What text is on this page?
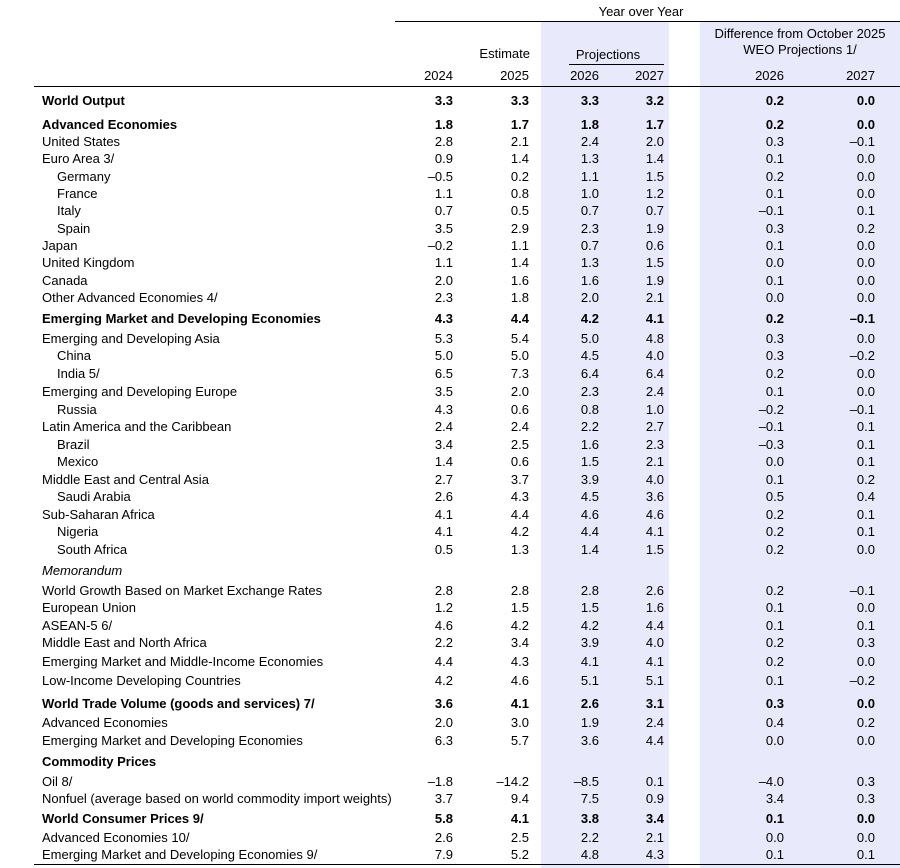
Year over Year
Difference from October 2025
WEO Projections 1/
Estimate	Projections
2024	2025	2026	2027	2026	2027
World Output	3.3	3.3	3.3	3.2	0.2	0.0
Advanced Economies	1.8	1.7	1.8	1.7	0.2	0.0
United States	2.8	2.1	2.4	2.0	0.3	–0.1
Euro Area 3/	0.9	1.4	1.3	1.4	0.1	0.0
Germany	–0.5	0.2	1.1	1.5	0.2	0.0
France	1.1	0.8	1.0	1.2	0.1	0.0
Italy	0.7	0.5	0.7	0.7	–0.1	0.1
Spain	3.5	2.9	2.3	1.9	0.3	0.2
Japan	–0.2	1.1	0.7	0.6	0.1	0.0
United Kingdom	1.1	1.4	1.3	1.5	0.0	0.0
Canada	2.0	1.6	1.6	1.9	0.1	0.0
Other Advanced Economies 4/	2.3	1.8	2.0	2.1	0.0	0.0
Emerging Market and Developing Economies	4.3	4.4	4.2	4.1	0.2	–0.1
Emerging and Developing Asia	5.3	5.4	5.0	4.8	0.3	0.0
China	5.0	5.0	4.5	4.0	0.3	–0.2
India 5/	6.5	7.3	6.4	6.4	0.2	0.0
Emerging and Developing Europe	3.5	2.0	2.3	2.4	0.1	0.0
Russia	4.3	0.6	0.8	1.0	–0.2	–0.1
Latin America and the Caribbean	2.4	2.4	2.2	2.7	–0.1	0.1
Brazil	3.4	2.5	1.6	2.3	–0.3	0.1
Mexico	1.4	0.6	1.5	2.1	0.0	0.1
Middle East and Central Asia	2.7	3.7	3.9	4.0	0.1	0.2
Saudi Arabia	2.6	4.3	4.5	3.6	0.5	0.4
Sub-Saharan Africa	4.1	4.4	4.6	4.6	0.2	0.1
Nigeria	4.1	4.2	4.4	4.1	0.2	0.1
South Africa	0.5	1.3	1.4	1.5	0.2	0.0
Memorandum
World Growth Based on Market Exchange Rates	2.8	2.8	2.8	2.6	0.2	–0.1
European Union	1.2	1.5	1.5	1.6	0.1	0.0
ASEAN-5 6/	4.6	4.2	4.2	4.4	0.1	0.1
Middle East and North Africa	2.2	3.4	3.9	4.0	0.2	0.3
Emerging Market and Middle-Income Economies	4.4	4.3	4.1	4.1	0.2	0.0
Low-Income Developing Countries	4.2	4.6	5.1	5.1	0.1	–0.2
World Trade Volume (goods and services) 7/	3.6	4.1	2.6	3.1	0.3	0.0
Advanced Economies	2.0	3.0	1.9	2.4	0.4	0.2
Emerging Market and Developing Economies	6.3	5.7	3.6	4.4	0.0	0.0
Commodity Prices
Oil 8/	–1.8	–14.2	–8.5	0.1	–4.0	0.3
Nonfuel (average based on world commodity import weights)	3.7	9.4	7.5	0.9	3.4	0.3
World Consumer Prices 9/	5.8	4.1	3.8	3.4	0.1	0.0
Advanced Economies 10/	2.6	2.5	2.2	2.1	0.0	0.0
Emerging Market and Developing Economies 9/	7.9	5.2	4.8	4.3	0.1	0.1
